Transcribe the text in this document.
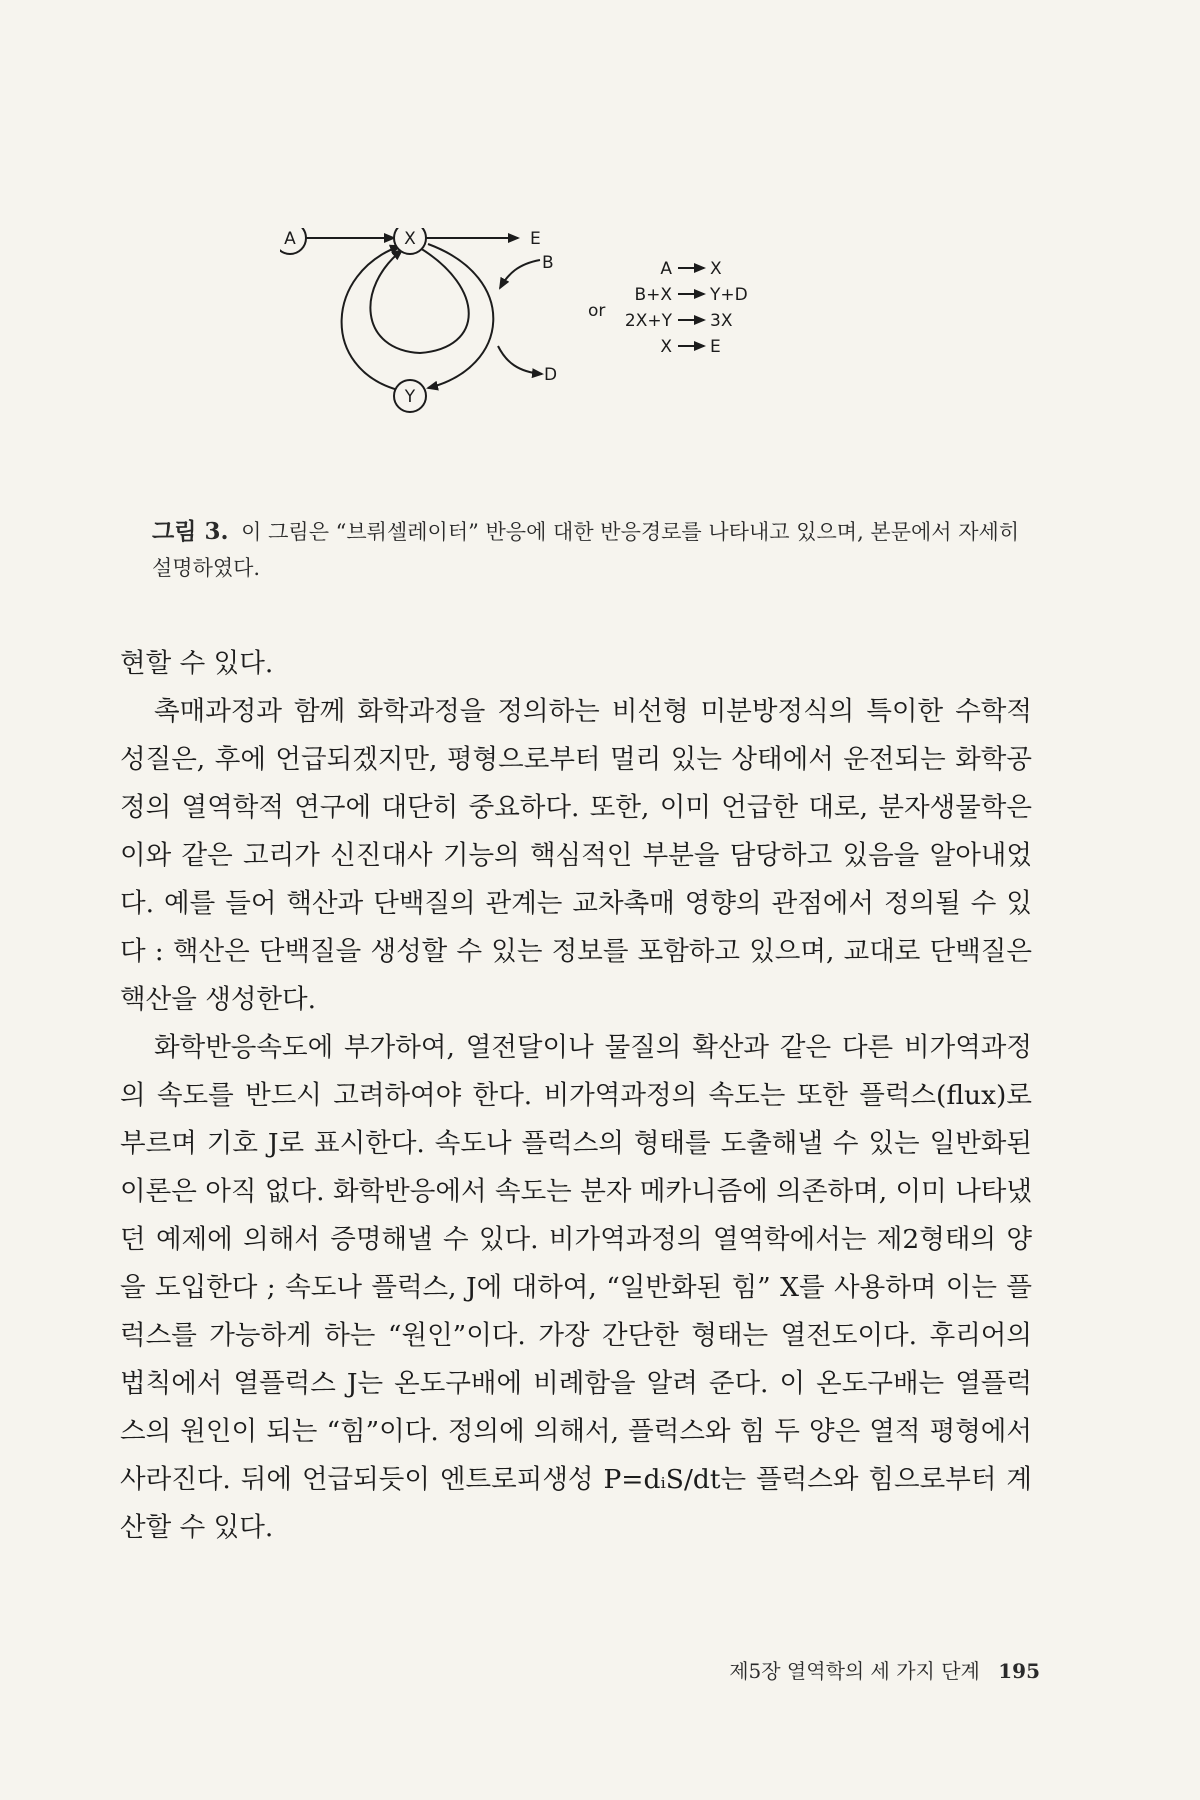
A	X
Y
E
B
D
or
A X
B+X Y+D
2X+Y 3X
X E
그림 3. 이 그림은 “브뤼셀레이터” 반응에 대한 반응경로를 나타내고 있으며, 본문에서 자세히 설명하였다.

현할 수 있다.

촉매과정과 함께 화학과정을 정의하는 비선형 미분방정식의 특이한 수학적 성질은, 후에 언급되겠지만, 평형으로부터 멀리 있는 상태에서 운전되는 화학공정의 열역학적 연구에 대단히 중요하다. 또한, 이미 언급한 대로, 분자생물학은 이와 같은 고리가 신진대사 기능의 핵심적인 부분을 담당하고 있음을 알아내었다. 예를 들어 핵산과 단백질의 관계는 교차촉매 영향의 관점에서 정의될 수 있다 : 핵산은 단백질을 생성할 수 있는 정보를 포함하고 있으며, 교대로 단백질은 핵산을 생성한다.

화학반응속도에 부가하여, 열전달이나 물질의 확산과 같은 다른 비가역과정의 속도를 반드시 고려하여야 한다. 비가역과정의 속도는 또한 플럭스(flux)로 부르며 기호 J로 표시한다. 속도나 플럭스의 형태를 도출해낼 수 있는 일반화된 이론은 아직 없다. 화학반응에서 속도는 분자 메카니즘에 의존하며, 이미 나타냈던 예제에 의해서 증명해낼 수 있다. 비가역과정의 열역학에서는 제2형태의 양을 도입한다 ; 속도나 플럭스, J에 대하여, “일반화된 힘” X를 사용하며 이는 플럭스를 가능하게 하는 “원인”이다. 가장 간단한 형태는 열전도이다. 후리어의 법칙에서 열플럭스 J는 온도구배에 비례함을 알려 준다. 이 온도구배는 열플럭스의 원인이 되는 “힘”이다. 정의에 의해서, 플럭스와 힘 두 양은 열적 평형에서 사라진다. 뒤에 언급되듯이 엔트로피생성 P=dᵢS/dt는 플럭스와 힘으로부터 계산할 수 있다.

제5장 열역학의 세 가지 단계 195
